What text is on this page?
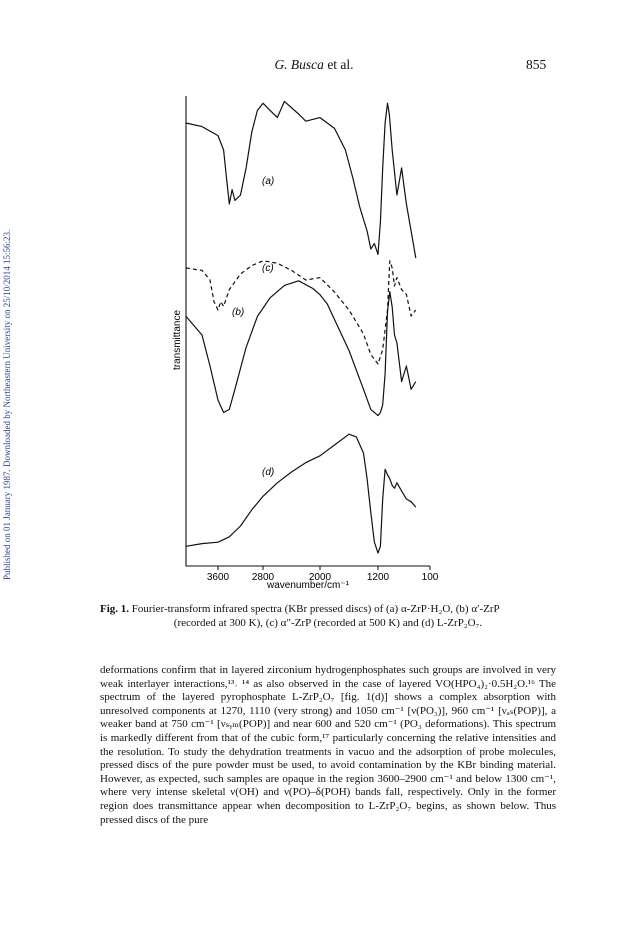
G. Busca et al.	855
Published on 01 January 1987. Downloaded by Northeastern University on 25/10/2014 15:56:23.	3600 2800	2000	1200	100
(a)
(c)
(b)
(d)
transmittance
wavenumber/cm⁻¹
Fig. 1. Fourier-transform infrared spectra (KBr pressed discs) of (a) α-ZrP·H₂O, (b) α′-ZrP
(recorded at 300 K), (c) α″-ZrP (recorded at 500 K) and (d) L-ZrP₂O₇.
deformations confirm that in layered zirconium hydrogenphosphates such groups are involved in very weak interlayer interactions,¹³˒ ¹⁴ as also observed in the case of layered VO(HPO₄)₂·0.5H₂O.¹⁶ The spectrum of the layered pyrophosphate L-ZrP₂O₇ [fig. 1(d)] shows a complex absorption with unresolved components at 1270, 1110 (very strong) and 1050 cm⁻¹ [ν(PO₃)], 960 cm⁻¹ [νₐₛ(POP)], a weaker band at 750 cm⁻¹ [νₛᵧₘ(POP)] and near 600 and 520 cm⁻¹ (PO₃ deformations). This spectrum is markedly different from that of the cubic form,¹⁷ particularly concerning the relative intensities and the resolution. To study the dehydration treatments in vacuo and the adsorption of probe molecules, pressed discs of the pure powder must be used, to avoid contamination by the KBr binding material. However, as expected, such samples are opaque in the region 3600–2900 cm⁻¹ and below 1300 cm⁻¹, where very intense skeletal ν(OH) and ν(PO)–δ(POH) bands fall, respectively. Only in the former region does transmittance appear when decomposition to L-ZrP₂O₇ begins, as shown below. Thus pressed discs of the pure
